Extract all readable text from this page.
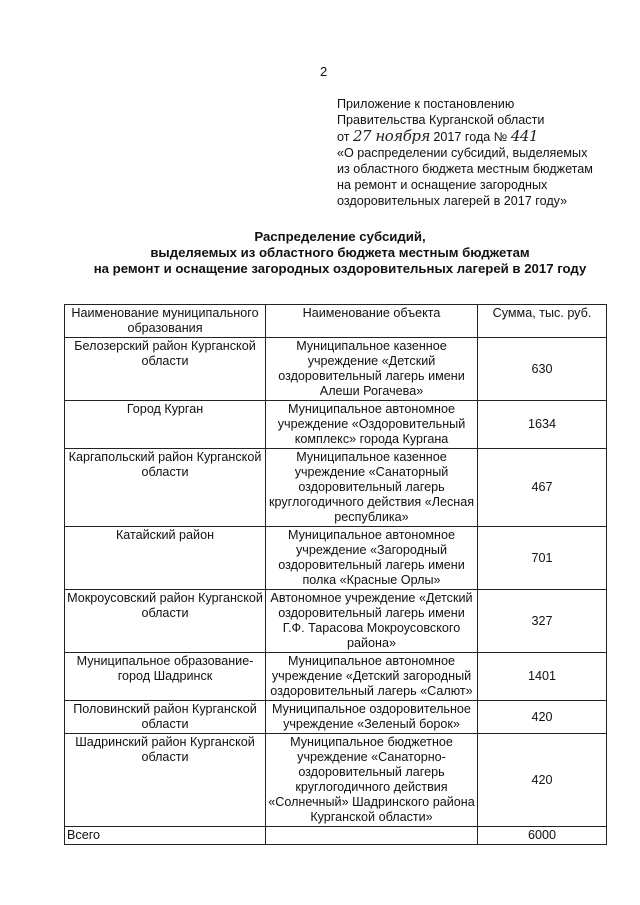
2
Приложение к постановлению
Правительства Курганской области
от 27 ноября 2017 года № 441
«О распределении субсидий, выделяемых
из областного бюджета местным бюджетам
на ремонт и оснащение загородных
оздоровительных лагерей в 2017 году»
Распределение субсидий,
выделяемых из областного бюджета местным бюджетам
на ремонт и оснащение загородных оздоровительных лагерей в 2017 году
Наименование муниципального образования	Наименование объекта	Сумма, тыс. руб.
Белозерский район Курганской области	Муниципальное казенное учреждение «Детский оздоровительный лагерь имени Алеши Рогачева»	630
Город Курган	Муниципальное автономное учреждение «Оздоровительный комплекс» города Кургана	1634
Каргапольский район Курганской области	Муниципальное казенное учреждение «Санаторный оздоровительный лагерь круглогодичного действия «Лесная республика»	467
Катайский район	Муниципальное автономное учреждение «Загородный оздоровительный лагерь имени полка «Красные Орлы»	701
Мокроусовский район Курганской области	Автономное учреждение «Детский оздоровительный лагерь имени Г.Ф. Тарасова Мокроусовского района»	327
Муниципальное образование-город Шадринск	Муниципальное автономное учреждение «Детский загородный оздоровительный лагерь «Салют»	1401
Половинский район Курганской области	Муниципальное оздоровительное учреждение «Зеленый борок»	420
Шадринский район Курганской области	Муниципальное бюджетное учреждение «Санаторно-оздоровительный лагерь круглогодичного действия «Солнечный» Шадринского района Курганской области»	420
Всего		6000
